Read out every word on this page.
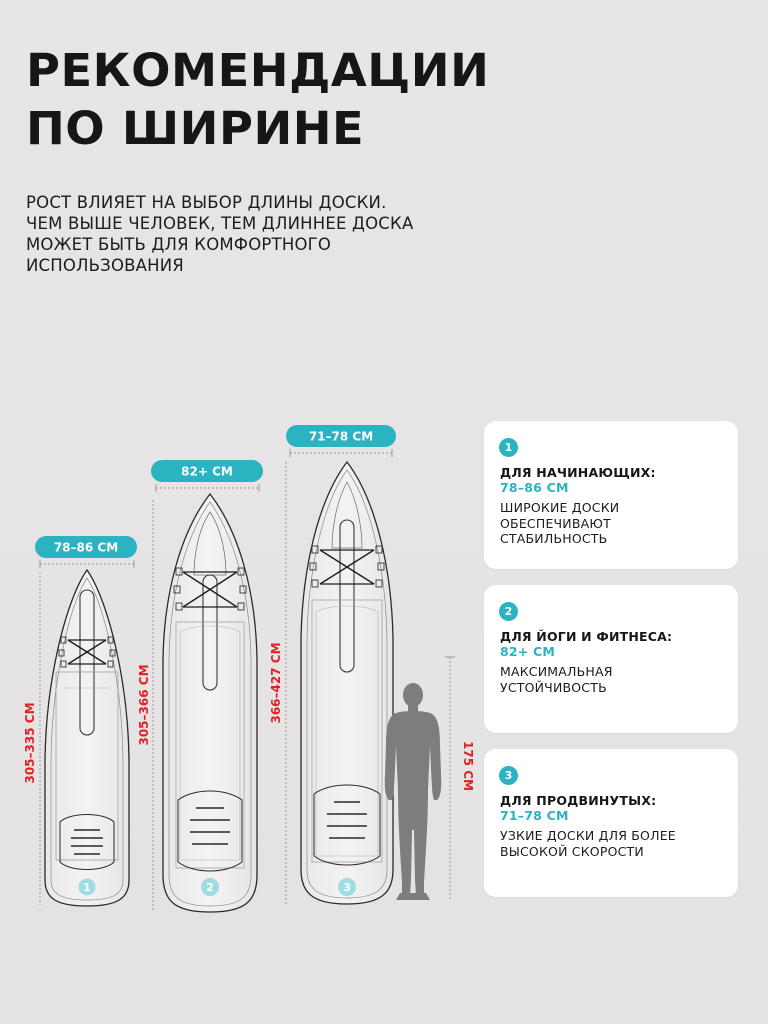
РЕКОМЕНДАЦИИ
ПО ШИРИНЕ
РОСТ ВЛИЯЕТ НА ВЫБОР ДЛИНЫ ДОСКИ.
ЧЕМ ВЫШЕ ЧЕЛОВЕК, ТЕМ ДЛИННЕЕ ДОСКА
МОЖЕТ БЫТЬ ДЛЯ КОМФОРТНОГО
ИСПОЛЬЗОВАНИЯ
78–86 CM
305–335 CM
1
82+ CM
305–366 CM
2
71–78 CM
366–427 CM
3
175 CM
1
ДЛЯ НАЧИНАЮЩИХ:
78–86 CM
ШИРОКИЕ ДОСКИ
ОБЕСПЕЧИВАЮТ
СТАБИЛЬНОСТЬ
2
ДЛЯ ЙОГИ И ФИТНЕСА:
82+ CM
МАКСИМАЛЬНАЯ
УСТОЙЧИВОСТЬ
3
ДЛЯ ПРОДВИНУТЫХ:
71–78 CM
УЗКИЕ ДОСКИ ДЛЯ БОЛЕЕ
ВЫСОКОЙ СКОРОСТИ
